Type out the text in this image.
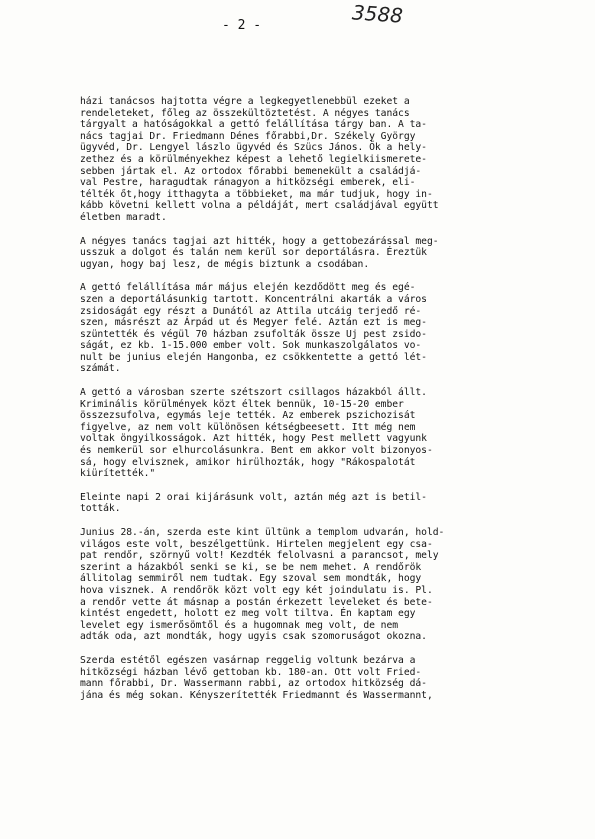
- 2 -	3588
házi tanácsos hajtotta végre a legkegyetlenebbül ezeket a
rendeleteket, főleg az összekültöztetést. A négyes tanács
tárgyalt a hatóságokkal a gettó felállítása tárgy ban. A ta-
nács tagjai Dr. Friedmann Dénes főrabbi,Dr. Székely György
ügyvéd, Dr. Lengyel lászlo ügyvéd és Szücs János. Ők a hely-
zethez és a körülményekhez képest a lehető legielkiismerete-
sebben jártak el. Az ortodox főrabbi bemenekült a családjá-
val Pestre, haragudtak ránagyon a hitközségi emberek, eli-
télték őt,hogy itthagyta a többieket, ma már tudjuk, hogy in-
kább követni kellett volna a példáját, mert családjával együtt
életben maradt.
A négyes tanács tagjai azt hitték, hogy a gettobezárással meg-
usszuk a dolgot és talán nem kerül sor deportálásra. Éreztük
ugyan, hogy baj lesz, de mégis biztunk a csodában.
A gettó felállítása már május elején kezdődött meg és egé-
szen a deportálásunkig tartott. Koncentrálni akarták a város
zsidoságát egy részt a Dunától az Attila utcáig terjedő ré-
szen, másrészt az Árpád ut és Megyer felé. Aztán ezt is meg-
szüntették és végül 70 házban zsufolták össze Uj pest zsido-
ságát, ez kb. 1-15.000 ember volt. Sok munkaszolgálatos vo-
nult be junius elején Hangonba, ez csökkentette a gettó lét-
számát.
A gettó a városban szerte szétszort csillagos házakból állt.
Kriminális körülmények közt éltek bennük, 10-15-20 ember
összezsufolva, egymás leje tették. Az emberek pszichozisát
figyelve, az nem volt különösen kétségbeesett. Itt még nem
voltak öngyilkosságok. Azt hitték, hogy Pest mellett vagyunk
és nemkerül sor elhurcolásunkra. Bent em akkor volt bizonyos-
sá, hogy elvisznek, amikor hirülhozták, hogy "Rákospalotát
kiürítették."
Eleinte napi 2 orai kijárásunk volt, aztán még azt is betil-
tották.
Junius 28.-án, szerda este kint ültünk a templom udvarán, hold-
világos este volt, beszélgettünk. Hirtelen megjelent egy csa-
pat rendőr, szörnyű volt! Kezdték felolvasni a parancsot, mely
szerint a házakból senki se ki, se be nem mehet. A rendőrök
állitolag semmiről nem tudtak. Egy szoval sem mondták, hogy
hova visznek. A rendőrök közt volt egy két joindulatu is. Pl.
a rendőr vette át másnap a postán érkezett leveleket és bete-
kintést engedett, holott ez meg volt tiltva. Én kaptam egy
levelet egy ismerősömtől és a hugomnak meg volt, de nem
adták oda, azt mondták, hogy ugyis csak szomoruságot okozna.
Szerda estétől egészen vasárnap reggelig voltunk bezárva a
hitközségi házban lévő gettoban kb. 180-an. Ott volt Fried-
mann főrabbi, Dr. Wassermann rabbi, az ortodox hitközség dá-
jána és még sokan. Kényszerítették Friedmannt és Wassermannt,
